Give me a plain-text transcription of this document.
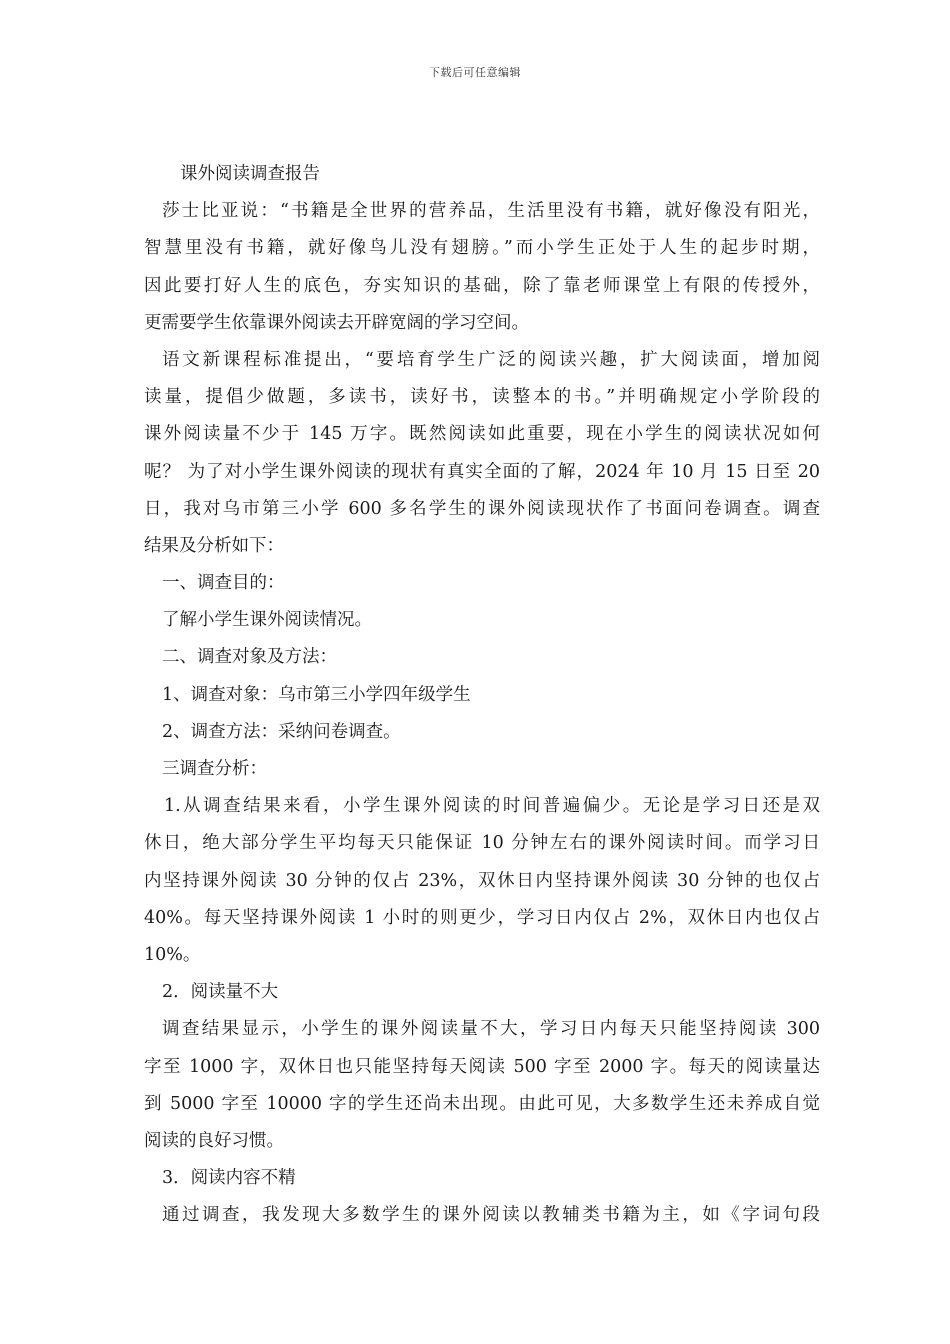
下载后可任意编辑
课外阅读调查报告
莎士比亚说：“书籍是全世界的营养品，生活里没有书籍，就好像没有阳光，
智慧里没有书籍，就好像鸟儿没有翅膀。”而小学生正处于人生的起步时期，
因此要打好人生的底色，夯实知识的基础，除了靠老师课堂上有限的传授外，
更需要学生依靠课外阅读去开辟宽阔的学习空间。
语文新课程标准提出，“要培育学生广泛的阅读兴趣，扩大阅读面，增加阅
读量，提倡少做题，多读书，读好书，读整本的书。”并明确规定小学阶段的
课外阅读量不少于 145 万字。既然阅读如此重要，现在小学生的阅读状况如何
呢？ 为了对小学生课外阅读的现状有真实全面的了解，2024 年 10 月 15 日至 20
日，我对乌市第三小学 600 多名学生的课外阅读现状作了书面问卷调查。调查
结果及分析如下：
一、调查目的：
了解小学生课外阅读情况。
二、调查对象及方法：
1、调查对象：乌市第三小学四年级学生
2、调查方法：采纳问卷调查。
三调查分析：
1.从调查结果来看，小学生课外阅读的时间普遍偏少。无论是学习日还是双
休日，绝大部分学生平均每天只能保证 10 分钟左右的课外阅读时间。而学习日
内坚持课外阅读 30 分钟的仅占 23%，双休日内坚持课外阅读 30 分钟的也仅占
40%。每天坚持课外阅读 1 小时的则更少，学习日内仅占 2%，双休日内也仅占
10%。
2．阅读量不大
调查结果显示，小学生的课外阅读量不大，学习日内每天只能坚持阅读 300
字至 1000 字，双休日也只能坚持每天阅读 500 字至 2000 字。每天的阅读量达
到 5000 字至 10000 字的学生还尚未出现。由此可见，大多数学生还未养成自觉
阅读的良好习惯。
3．阅读内容不精
通过调查，我发现大多数学生的课外阅读以教辅类书籍为主，如《字词句段
